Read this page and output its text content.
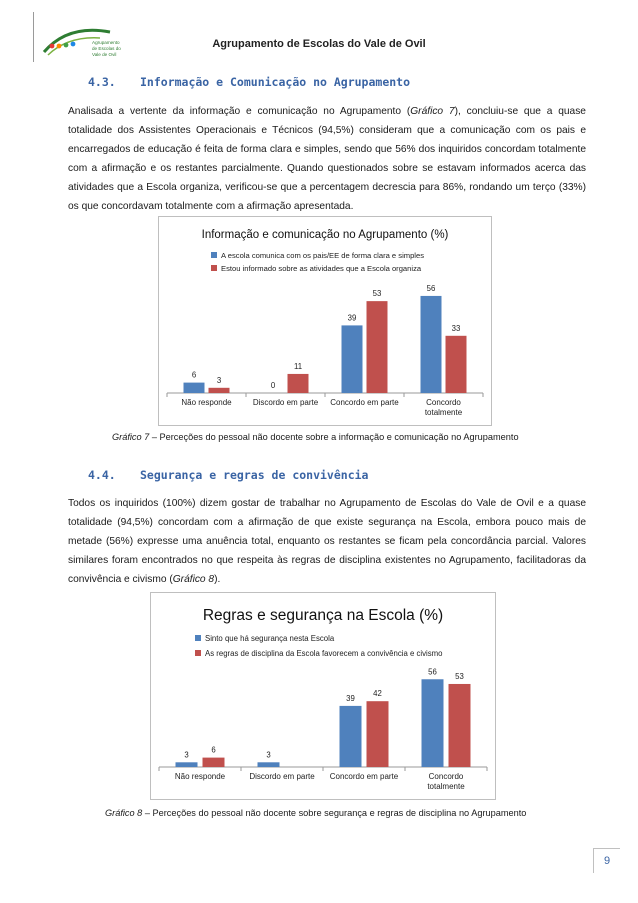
Agrupamento
de Escolas do
Vale de Ovil
Agrupamento de Escolas do Vale de Ovil
4.3. Informação e Comunicação no Agrupamento

Analisada a vertente da informação e comunicação no Agrupamento (Gráfico 7), concluiu-se que a quase totalidade dos Assistentes Operacionais e Técnicos (94,5%) consideram que a comunicação com os pais e encarregados de educação é feita de forma clara e simples, sendo que 56% dos inquiridos concordam totalmente com a afirmação e os restantes parcialmente. Quando questionados sobre se estavam informados acerca das atividades que a Escola organiza, verificou-se que a percentagem decrescia para 86%, rondando um terço (33%) os que concordavam totalmente com a afirmação apresentada.

Informação e comunicação no Agrupamento (%)
A escola comunica com os pais/EE de forma clara e simples
Estou informado sobre as atividades que a Escola organiza
Não responde
6
3
Discordo em parte
0
11
Concordo em parte
39
53
Concordo
totalmente
56
33
Gráfico 7 – Perceções do pessoal não docente sobre a informação e comunicação no Agrupamento
4.4. Segurança e regras de convivência

Todos os inquiridos (100%) dizem gostar de trabalhar no Agrupamento de Escolas do Vale de Ovil e a quase totalidade (94,5%) concordam com a afirmação de que existe segurança na Escola, embora pouco mais de metade (56%) expresse uma anuência total, enquanto os restantes se ficam pela concordância parcial. Valores similares foram encontrados no que respeita às regras de disciplina existentes no Agrupamento, facilitadoras da convivência e civismo (Gráfico 8).

Regras e segurança na Escola (%)
Sinto que há segurança nesta Escola
As regras de disciplina da Escola favorecem a convivência e civismo
Não responde
3
6
Discordo em parte
3
Concordo em parte
39
42
Concordo
totalmente
56
53
Gráfico 8 – Perceções do pessoal não docente sobre segurança e regras de disciplina no Agrupamento
9
